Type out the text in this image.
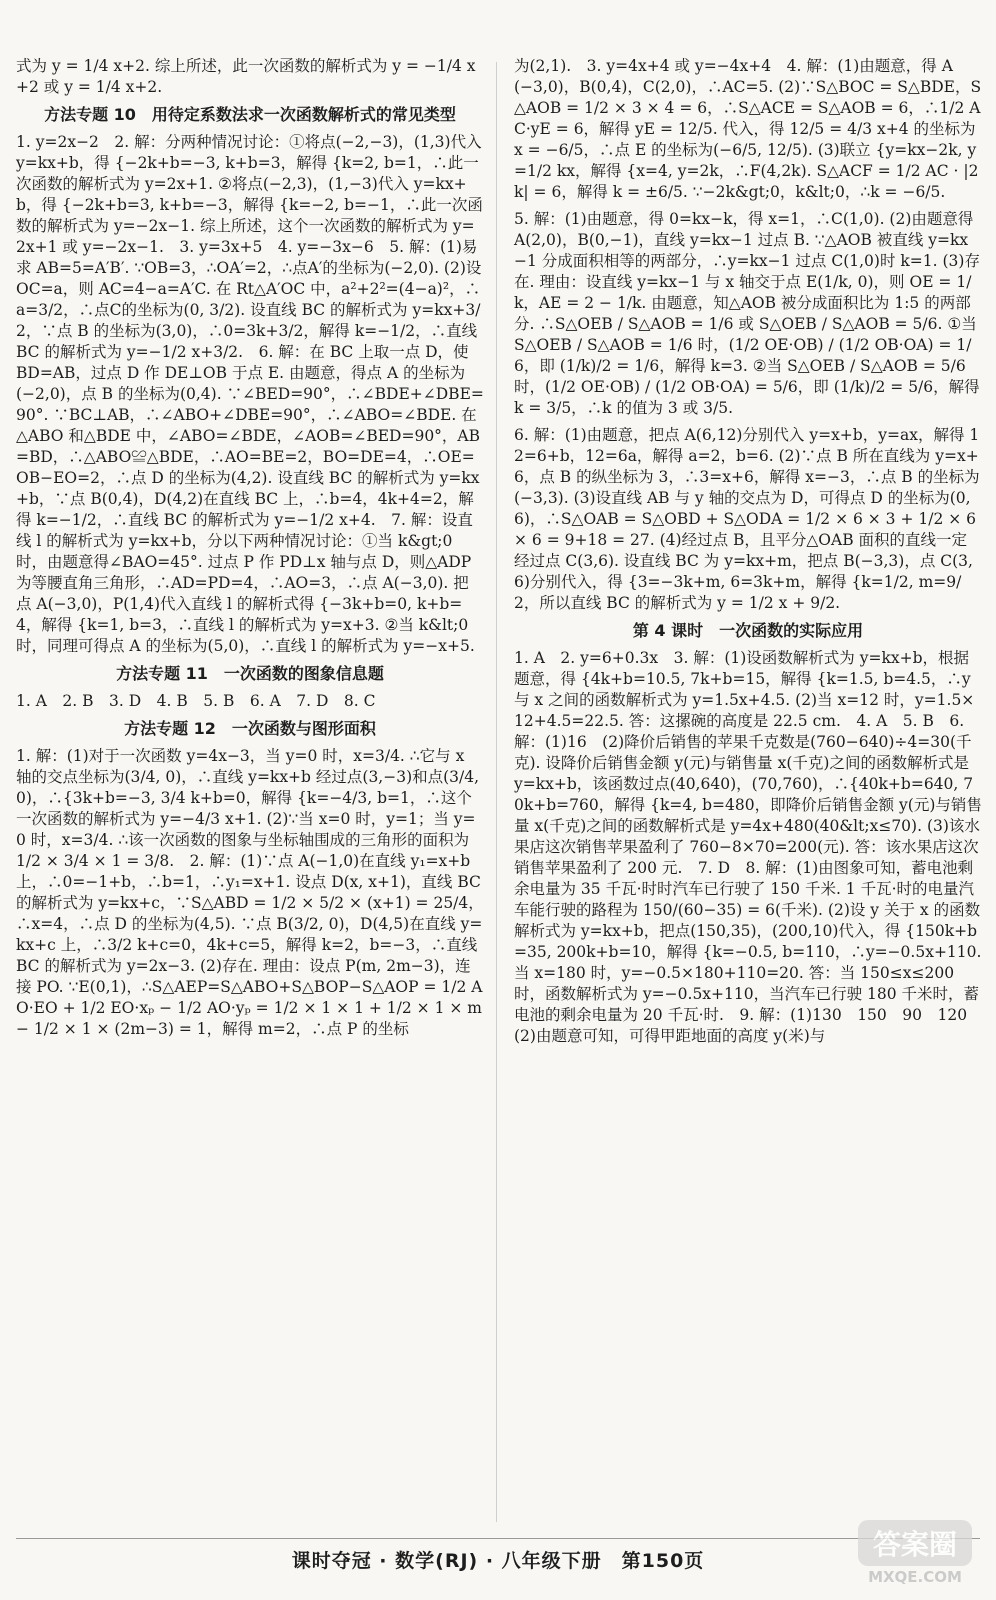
式为 y = 1/4 x+2. 综上所述，此一次函数的解析式为 y = −1/4 x+2 或 y = 1/4 x+2.
方法专题 10　用待定系数法求一次函数解析式的常见类型
1. y=2x−2　2. 解：分两种情况讨论：①将点(−2,−3)，(1,3)代入 y=kx+b，得 {−2k+b=−3, k+b=3，解得 {k=2, b=1，∴此一次函数的解析式为 y=2x+1. ②将点(−2,3)，(1,−3)代入 y=kx+b，得 {−2k+b=3, k+b=−3，解得 {k=−2, b=−1，∴此一次函数的解析式为 y=−2x−1. 综上所述，这个一次函数的解析式为 y=2x+1 或 y=−2x−1.　3. y=3x+5　4. y=−3x−6　5. 解：(1)易求 AB=5=A′B′. ∵OB=3，∴OA′=2，∴点A′的坐标为(−2,0). (2)设 OC=a，则 AC=4−a=A′C. 在 Rt△A′OC 中，a²+2²=(4−a)²，∴a=3/2，∴点C的坐标为(0, 3/2). 设直线 BC 的解析式为 y=kx+3/2，∵点 B 的坐标为(3,0)，∴0=3k+3/2，解得 k=−1/2，∴直线 BC 的解析式为 y=−1/2 x+3/2.　6. 解：在 BC 上取一点 D，使 BD=AB，过点 D 作 DE⊥OB 于点 E. 由题意，得点 A 的坐标为(−2,0)，点 B 的坐标为(0,4). ∵∠BED=90°，∴∠BDE+∠DBE=90°. ∵BC⊥AB，∴∠ABO+∠DBE=90°，∴∠ABO=∠BDE. 在△ABO 和△BDE 中，∠ABO=∠BDE，∠AOB=∠BED=90°，AB=BD，∴△ABO≌△BDE，∴AO=BE=2，BO=DE=4，∴OE=OB−EO=2，∴点 D 的坐标为(4,2). 设直线 BC 的解析式为 y=kx+b，∵点 B(0,4)，D(4,2)在直线 BC 上，∴b=4，4k+4=2，解得 k=−1/2，∴直线 BC 的解析式为 y=−1/2 x+4.　7. 解：设直线 l 的解析式为 y=kx+b，分以下两种情况讨论：①当 k&gt;0 时，由题意得∠BAO=45°. 过点 P 作 PD⊥x 轴与点 D，则△ADP 为等腰直角三角形，∴AD=PD=4，∴AO=3，∴点 A(−3,0). 把点 A(−3,0)，P(1,4)代入直线 l 的解析式得 {−3k+b=0, k+b=4，解得 {k=1, b=3，∴直线 l 的解析式为 y=x+3. ②当 k&lt;0 时，同理可得点 A 的坐标为(5,0)，∴直线 l 的解析式为 y=−x+5.
方法专题 11　一次函数的图象信息题
1. A　2. B　3. D　4. B　5. B　6. A　7. D　8. C
方法专题 12　一次函数与图形面积
1. 解：(1)对于一次函数 y=4x−3，当 y=0 时，x=3/4. ∴它与 x 轴的交点坐标为(3/4, 0)，∴直线 y=kx+b 经过点(3,−3)和点(3/4, 0)，∴{3k+b=−3, 3/4 k+b=0，解得 {k=−4/3, b=1，∴这个一次函数的解析式为 y=−4/3 x+1. (2)∵当 x=0 时，y=1；当 y=0 时，x=3/4. ∴该一次函数的图象与坐标轴围成的三角形的面积为 1/2 × 3/4 × 1 = 3/8.　2. 解：(1)∵点 A(−1,0)在直线 y₁=x+b 上，∴0=−1+b，∴b=1，∴y₁=x+1. 设点 D(x, x+1)，直线 BC 的解析式为 y=kx+c，∵S△ABD = 1/2 × 5/2 × (x+1) = 25/4，∴x=4，∴点 D 的坐标为(4,5). ∵点 B(3/2, 0)，D(4,5)在直线 y=kx+c 上，∴3/2 k+c=0，4k+c=5，解得 k=2，b=−3，∴直线 BC 的解析式为 y=2x−3. (2)存在. 理由：设点 P(m, 2m−3)，连接 PO. ∵E(0,1)，∴S△AEP=S△ABO+S△BOP−S△AOP = 1/2 AO·EO + 1/2 EO·xₚ − 1/2 AO·yₚ = 1/2 × 1 × 1 + 1/2 × 1 × m − 1/2 × 1 × (2m−3) = 1，解得 m=2，∴点 P 的坐标
为(2,1).　3. y=4x+4 或 y=−4x+4　4. 解：(1)由题意，得 A(−3,0)，B(0,4)，C(2,0)，∴AC=5. (2)∵S△BOC = S△BDE，S△AOB = 1/2 × 3 × 4 = 6，∴S△ACE = S△AOB = 6，∴1/2 AC·yE = 6，解得 yE = 12/5. 代入，得 12/5 = 4/3 x+4 的坐标为 x = −6/5，∴点 E 的坐标为(−6/5, 12/5). (3)联立 {y=kx−2k, y=1/2 kx，解得 {x=4, y=2k，∴F(4,2k). S△ACF = 1/2 AC · |2k| = 6，解得 k = ±6/5. ∵−2k&gt;0，k&lt;0，∴k = −6/5.
5. 解：(1)由题意，得 0=kx−k，得 x=1，∴C(1,0). (2)由题意得 A(2,0)，B(0,−1)，直线 y=kx−1 过点 B. ∵△AOB 被直线 y=kx−1 分成面积相等的两部分，∴y=kx−1 过点 C(1,0)时 k=1. (3)存在. 理由：设直线 y=kx−1 与 x 轴交于点 E(1/k, 0)，则 OE = 1/k，AE = 2 − 1/k. 由题意，知△AOB 被分成面积比为 1:5 的两部分. ∴S△OEB / S△AOB = 1/6 或 S△OEB / S△AOB = 5/6. ①当 S△OEB / S△AOB = 1/6 时，(1/2 OE·OB) / (1/2 OB·OA) = 1/6，即 (1/k)/2 = 1/6，解得 k=3. ②当 S△OEB / S△AOB = 5/6 时，(1/2 OE·OB) / (1/2 OB·OA) = 5/6，即 (1/k)/2 = 5/6，解得 k = 3/5，∴k 的值为 3 或 3/5.
6. 解：(1)由题意，把点 A(6,12)分别代入 y=x+b，y=ax，解得 12=6+b，12=6a，解得 a=2，b=6. (2)∵点 B 所在直线为 y=x+6，点 B 的纵坐标为 3，∴3=x+6，解得 x=−3，∴点 B 的坐标为(−3,3). (3)设直线 AB 与 y 轴的交点为 D，可得点 D 的坐标为(0,6)，∴S△OAB = S△OBD + S△ODA = 1/2 × 6 × 3 + 1/2 × 6 × 6 = 9+18 = 27. (4)经过点 B，且平分△OAB 面积的直线一定经过点 C(3,6). 设直线 BC 为 y=kx+m，把点 B(−3,3)，点 C(3,6)分别代入，得 {3=−3k+m, 6=3k+m，解得 {k=1/2, m=9/2，所以直线 BC 的解析式为 y = 1/2 x + 9/2.
第 4 课时　一次函数的实际应用
1. A　2. y=6+0.3x　3. 解：(1)设函数解析式为 y=kx+b，根据题意，得 {4k+b=10.5, 7k+b=15，解得 {k=1.5, b=4.5，∴y 与 x 之间的函数解析式为 y=1.5x+4.5. (2)当 x=12 时，y=1.5×12+4.5=22.5. 答：这摞碗的高度是 22.5 cm.　4. A　5. B　6. 解：(1)16　(2)降价后销售的苹果千克数是(760−640)÷4=30(千克). 设降价后销售金额 y(元)与销售量 x(千克)之间的函数解析式是 y=kx+b，该函数过点(40,640)，(70,760)，∴{40k+b=640, 70k+b=760，解得 {k=4, b=480，即降价后销售金额 y(元)与销售量 x(千克)之间的函数解析式是 y=4x+480(40&lt;x≤70). (3)该水果店这次销售苹果盈利了 760−8×70=200(元). 答：该水果店这次销售苹果盈利了 200 元.　7. D　8. 解：(1)由图象可知，蓄电池剩余电量为 35 千瓦·时时汽车已行驶了 150 千米. 1 千瓦·时的电量汽车能行驶的路程为 150/(60−35) = 6(千米). (2)设 y 关于 x 的函数解析式为 y=kx+b，把点(150,35)，(200,10)代入，得 {150k+b=35, 200k+b=10，解得 {k=−0.5, b=110，∴y=−0.5x+110. 当 x=180 时，y=−0.5×180+110=20. 答：当 150≤x≤200 时，函数解析式为 y=−0.5x+110，当汽车已行驶 180 千米时，蓄电池的剩余电量为 20 千瓦·时.　9. 解：(1)130　150　90　120　(2)由题意可知，可得甲距地面的高度 y(米)与
课时夺冠 · 数学(RJ) · 八年级下册　第150页	答案圈
MXQE.COM
